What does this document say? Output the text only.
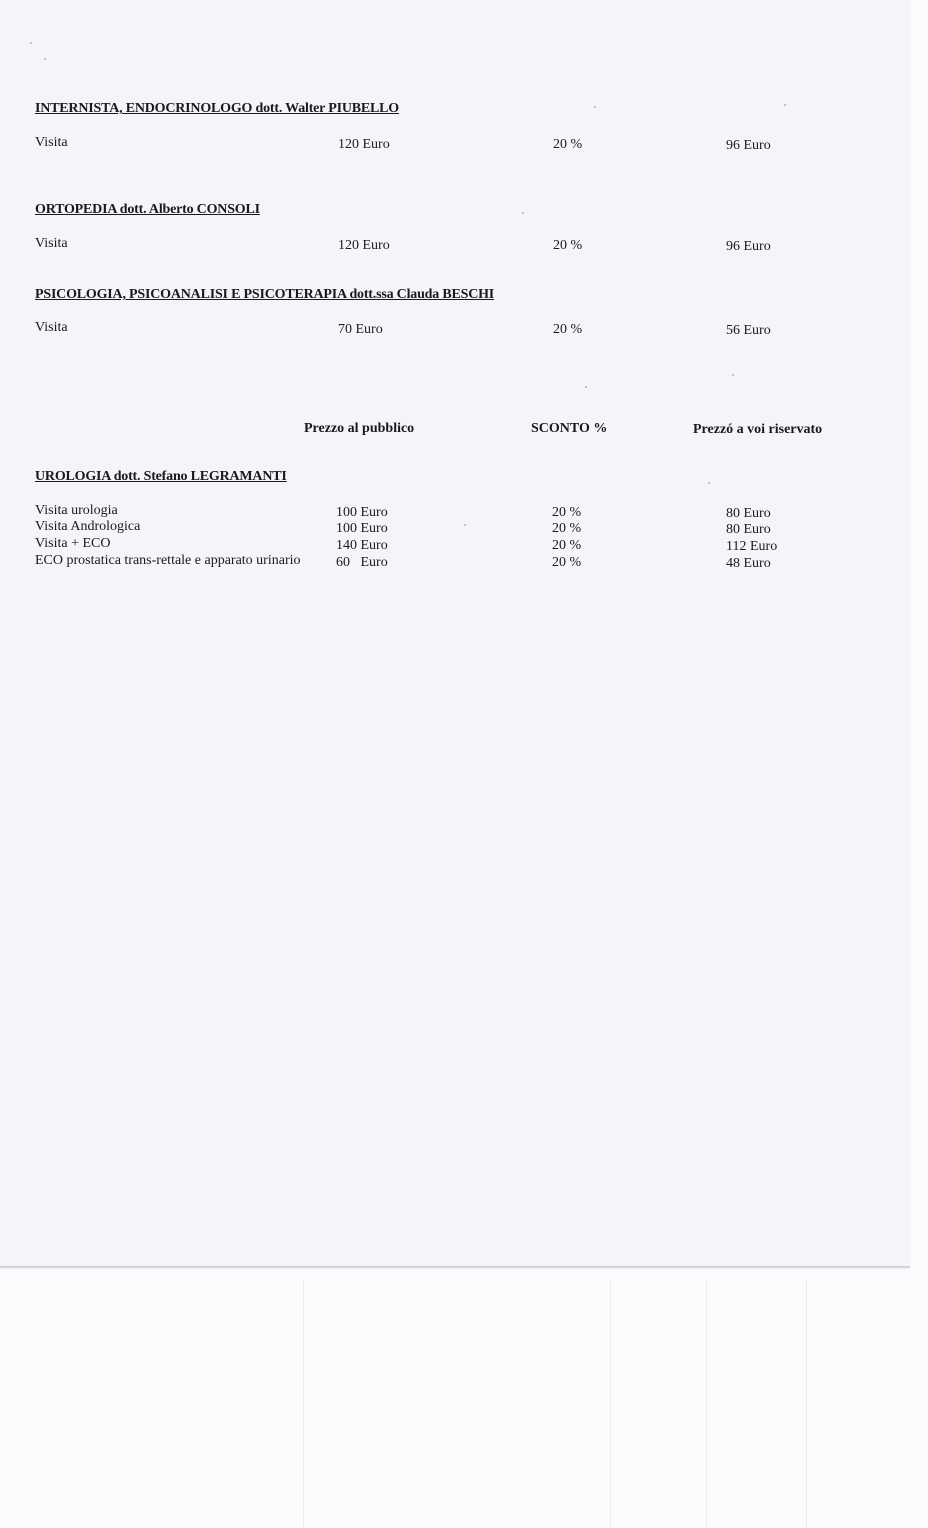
INTERNISTA, ENDOCRINOLOGO dott. Walter PIUBELLO
Visita	120 Euro	20 %	96 Euro
ORTOPEDIA dott. Alberto CONSOLI
Visita	120 Euro	20 %	96 Euro
PSICOLOGIA, PSICOANALISI E PSICOTERAPIA dott.ssa Clauda BESCHI
Visita	70 Euro	20 %	56 Euro
Prezzo al pubblico	SCONTO %	Prezzó a voi riservato
UROLOGIA dott. Stefano LEGRAMANTI
Visita urologia	100 Euro	20 %	80 Euro
Visita Andrologica	100 Euro	20 %	80 Euro
Visita + ECO	140 Euro	20 %	112 Euro
ECO prostatica trans-rettale e apparato urinario	60   Euro	20 %	48 Euro
